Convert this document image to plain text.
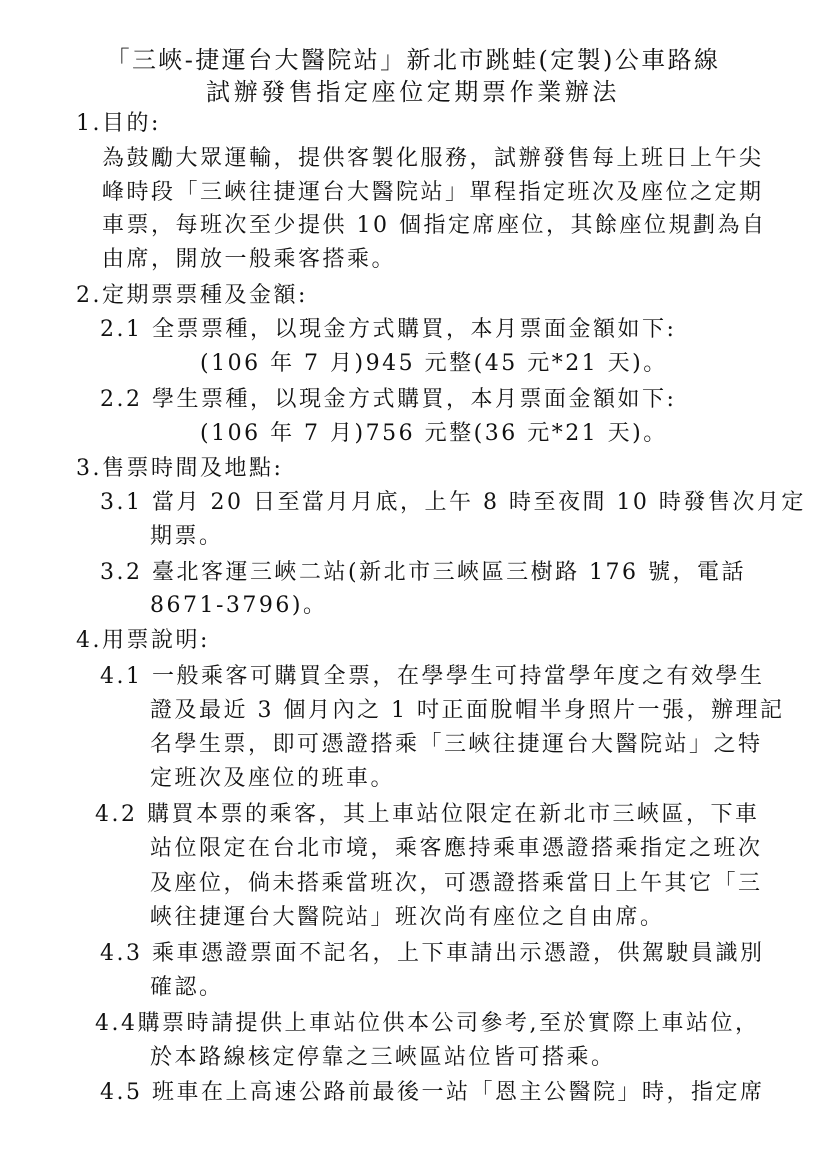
「三峽-捷運台大醫院站」新北市跳蛙(定製)公車路線
試辦發售指定座位定期票作業辦法
1.目的:
為鼓勵大眾運輸，提供客製化服務，試辦發售每上班日上午尖
峰時段「三峽往捷運台大醫院站」單程指定班次及座位之定期
車票，每班次至少提供 10 個指定席座位，其餘座位規劃為自
由席，開放一般乘客搭乘。
2.定期票票種及金額:
2.1 全票票種，以現金方式購買，本月票面金額如下:
(106 年 7 月)945 元整(45 元*21 天)。
2.2 學生票種，以現金方式購買，本月票面金額如下:
(106 年 7 月)756 元整(36 元*21 天)。
3.售票時間及地點:
3.1 當月 20 日至當月月底，上午 8 時至夜間 10 時發售次月定
期票。
3.2 臺北客運三峽二站(新北市三峽區三樹路 176 號，電話
8671-3796)。
4.用票說明:
4.1 一般乘客可購買全票，在學學生可持當學年度之有效學生
證及最近 3 個月內之 1 吋正面脫帽半身照片一張，辦理記
名學生票，即可憑證搭乘「三峽往捷運台大醫院站」之特
定班次及座位的班車。
4.2 購買本票的乘客，其上車站位限定在新北市三峽區，下車
站位限定在台北市境，乘客應持乘車憑證搭乘指定之班次
及座位，倘未搭乘當班次，可憑證搭乘當日上午其它「三
峽往捷運台大醫院站」班次尚有座位之自由席。
4.3 乘車憑證票面不記名，上下車請出示憑證，供駕駛員識別
確認。
4.4購票時請提供上車站位供本公司參考,至於實際上車站位，
於本路線核定停靠之三峽區站位皆可搭乘。
4.5 班車在上高速公路前最後一站「恩主公醫院」時，指定席
